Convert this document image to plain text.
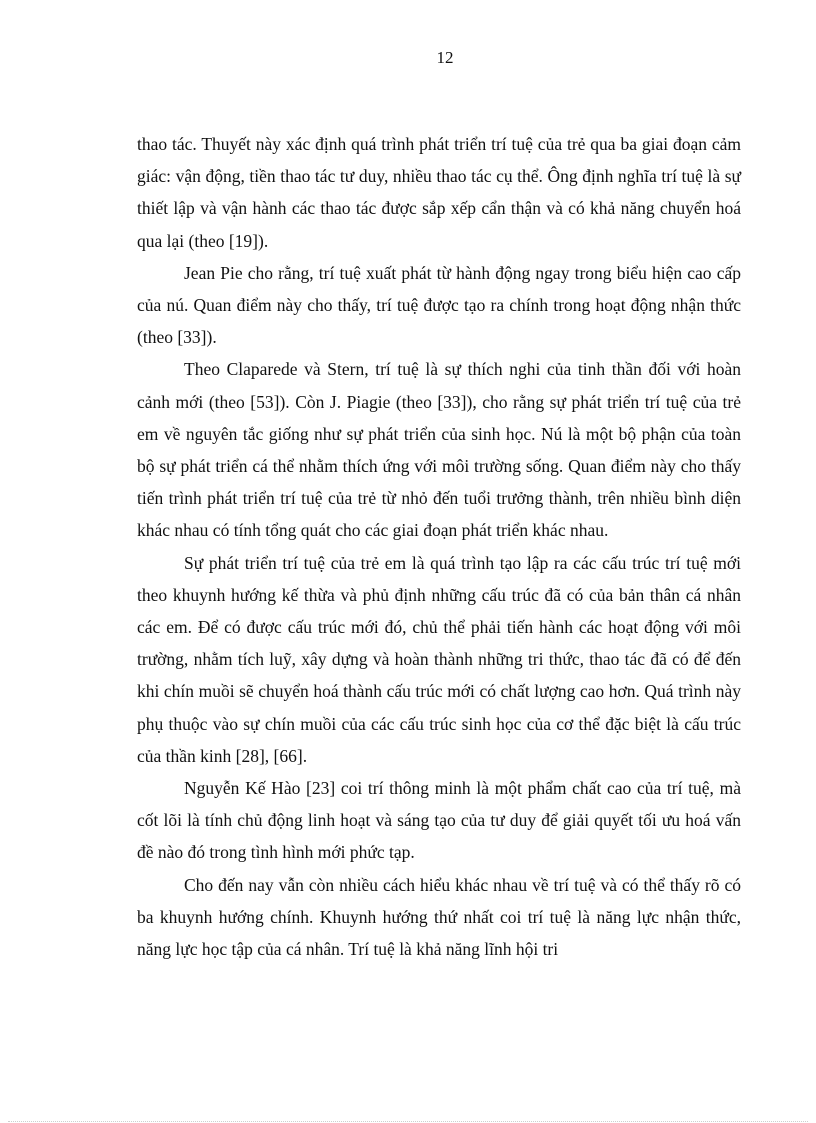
12

thao tác. Thuyết này xác định quá trình phát triển trí tuệ của trẻ qua ba giai đoạn cảm giác: vận động, tiền thao tác tư duy, nhiều thao tác cụ thể. Ông định nghĩa trí tuệ là sự thiết lập và vận hành các thao tác được sắp xếp cẩn thận và có khả năng chuyển hoá qua lại (theo [19]).

Jean Pie cho rằng, trí tuệ xuất phát từ hành động ngay trong biểu hiện cao cấp của nú. Quan điểm này cho thấy, trí tuệ được tạo ra chính trong hoạt động nhận thức (theo [33]).

Theo Claparede và Stern, trí tuệ là sự thích nghi của tinh thần đối với hoàn cảnh mới (theo [53]). Còn J. Piagie (theo [33]), cho rằng sự phát triển trí tuệ của trẻ em về nguyên tắc giống như sự phát triển của sinh học. Nú là một bộ phận của toàn bộ sự phát triển cá thể nhằm thích ứng với môi trường sống. Quan điểm này cho thấy tiến trình phát triển trí tuệ của trẻ từ nhỏ đến tuổi trưởng thành, trên nhiều bình diện khác nhau có tính tổng quát cho các giai đoạn phát triển khác nhau.

Sự phát triển trí tuệ của trẻ em là quá trình tạo lập ra các cấu trúc trí tuệ mới theo khuynh hướng kế thừa và phủ định những cấu trúc đã có của bản thân cá nhân các em. Để có được cấu trúc mới đó, chủ thể phải tiến hành các hoạt động với môi trường, nhằm tích luỹ, xây dựng và hoàn thành những tri thức, thao tác đã có để đến khi chín muồi sẽ chuyển hoá thành cấu trúc mới có chất lượng cao hơn. Quá trình này phụ thuộc vào sự chín muồi của các cấu trúc sinh học của cơ thể đặc biệt là cấu trúc của thần kinh [28], [66].

Nguyễn Kế Hào [23] coi trí thông minh là một phẩm chất cao của trí tuệ, mà cốt lõi là tính chủ động linh hoạt và sáng tạo của tư duy để giải quyết tối ưu hoá vấn đề nào đó trong tình hình mới phức tạp.

Cho đến nay vẫn còn nhiều cách hiểu khác nhau về trí tuệ và có thể thấy rõ có ba khuynh hướng chính. Khuynh hướng thứ nhất coi trí tuệ là năng lực nhận thức, năng lực học tập của cá nhân. Trí tuệ là khả năng lĩnh hội tri
